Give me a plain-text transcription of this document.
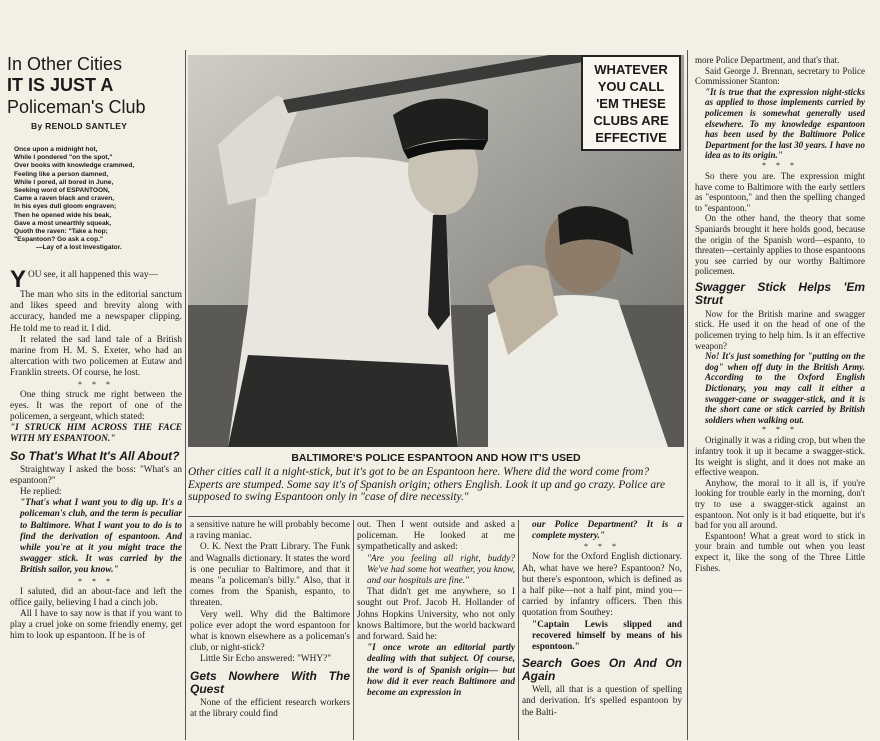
In Other Cities
IT IS JUST A
Policeman's Club
By RENOLD SANTLEY
Once upon a midnight hot,
While I pondered "on the spot,"
Over books with knowledge crammed,
Feeling like a person damned,
While I pored, all bored in June,
Seeking word of ESPANTOON,
Came a raven black and craven,
In his eyes dull gloom engraven;
Then he opened wide his beak,
Gave a most unearthly squeak,
Quoth the raven: "Take a hop;
"Espantoon? Go ask a cop."
—Lay of a lost Investigator.

YOU see, it all happened this way—

The man who sits in the editorial sanctum and likes speed and brevity along with accuracy, handed me a newspaper clipping. He told me to read it. I did.

It related the sad land tale of a British marine from H. M. S. Exeter, who had an altercation with two policemen at Eutaw and Franklin streets. Of course, he lost.

* * *

One thing struck me right between the eyes. It was the report of one of the policemen, a sergeant, which stated:

"I STRUCK HIM ACROSS THE FACE WITH MY ESPANTOON."

So That's What It's All About?

Straightway I asked the boss: "What's an espantoon?"

He replied:

"That's what I want you to dig up. It's a policeman's club, and the term is peculiar to Baltimore. What I want you to do is to find the derivation of espantoon. And while you're at it you might trace the swagger stick. It was carried by the British sailor, you know."

* * *

I saluted, did an about-face and left the office gaily, believing I had a cinch job.

All I have to say now is that if you want to play a cruel joke on some friendly enemy, get him to look up espantoon. If he is of

WHATEVER
YOU CALL
'EM THESE
CLUBS ARE
EFFECTIVE
BALTIMORE'S POLICE ESPANTOON AND HOW IT'S USED
Other cities call it a night-stick, but it's got to be an Espantoon here. Where did the word come from? Experts are stumped. Some say it's of Spanish origin; others English. Look it up and go crazy. Police are supposed to swing Espantoon only in "case of dire necessity."

a sensitive nature he will probably become a raving maniac.

O. K. Next the Pratt Library. The Funk and Wagnalls dictionary. It states the word is one peculiar to Baltimore, and that it means "a policeman's billy." Also, that it comes from the Spanish, espanto, to threaten.

Very well. Why did the Baltimore police ever adopt the word espantoon for what is known elsewhere as a policeman's club, or night-stick?

Little Sir Echo answered: "WHY?"

Gets Nowhere With The Quest

None of the efficient research workers at the library could find

out. Then I went outside and asked a policeman. He looked at me sympathetically and asked:

"Are you feeling all right, buddy? We've had some hot weather, you know, and our hospitals are fine."

That didn't get me anywhere, so I sought out Prof. Jacob H. Hollander of Johns Hopkins University, who not only knows Baltimore, but the world backward and forward. Said he:

"I once wrote an editorial partly dealing with that subject. Of course, the word is of Spanish origin— but how did it ever reach Baltimore and become an expression in

our Police Department? It is a complete mystery."

* * *

Now for the Oxford English dictionary. Ah, what have we here? Espantoon? No, but there's espontoon, which is defined as a half pike—not a half pint, mind you—carried by infantry officers. Then this quotation from Southey:

"Captain Lewis slipped and recovered himself by means of his espontoon."

Search Goes On And On Again

Well, all that is a question of spelling and derivation. It's spelled espantoon by the Balti-

more Police Department, and that's that.

Said George J. Brennan, secretary to Police Commissioner Stanton:

"It is true that the expression night-sticks as applied to those implements carried by policemen is somewhat generally used elsewhere. To my knowledge espantoon has been used by the Baltimore Police Department for the last 30 years. I have no idea as to its origin."

* * *

So there you are. The expression might have come to Baltimore with the early settlers as "espontoon," and then the spelling changed to "espantoon."

On the other hand, the theory that some Spaniards brought it here holds good, because the origin of the Spanish word—espanto, to threaten—certainly applies to those espantoons you see carried by our worthy Baltimore policemen.

Swagger Stick Helps 'Em Strut

Now for the British marine and swagger stick. He used it on the head of one of the policemen trying to help him. Is it an effective weapon?

No! It's just something for "putting on the dog" when off duty in the British Army. According to the Oxford English Dictionary, you may call it either a swagger-cane or swagger-stick, and it is the short cane or stick carried by British soldiers when walking out.

* * *

Originally it was a riding crop, but when the infantry took it up it became a swagger-stick. Its weight is slight, and it does not make an effective weapon.

Anyhow, the moral to it all is, if you're looking for trouble early in the morning, don't try to use a swagger-stick against an espantoon. Not only is it bad etiquette, but it's bad for you all around.

Espantoon! What a great word to stick in your brain and tumble out when you least expect it, like the song of the Three Little Fishes.
